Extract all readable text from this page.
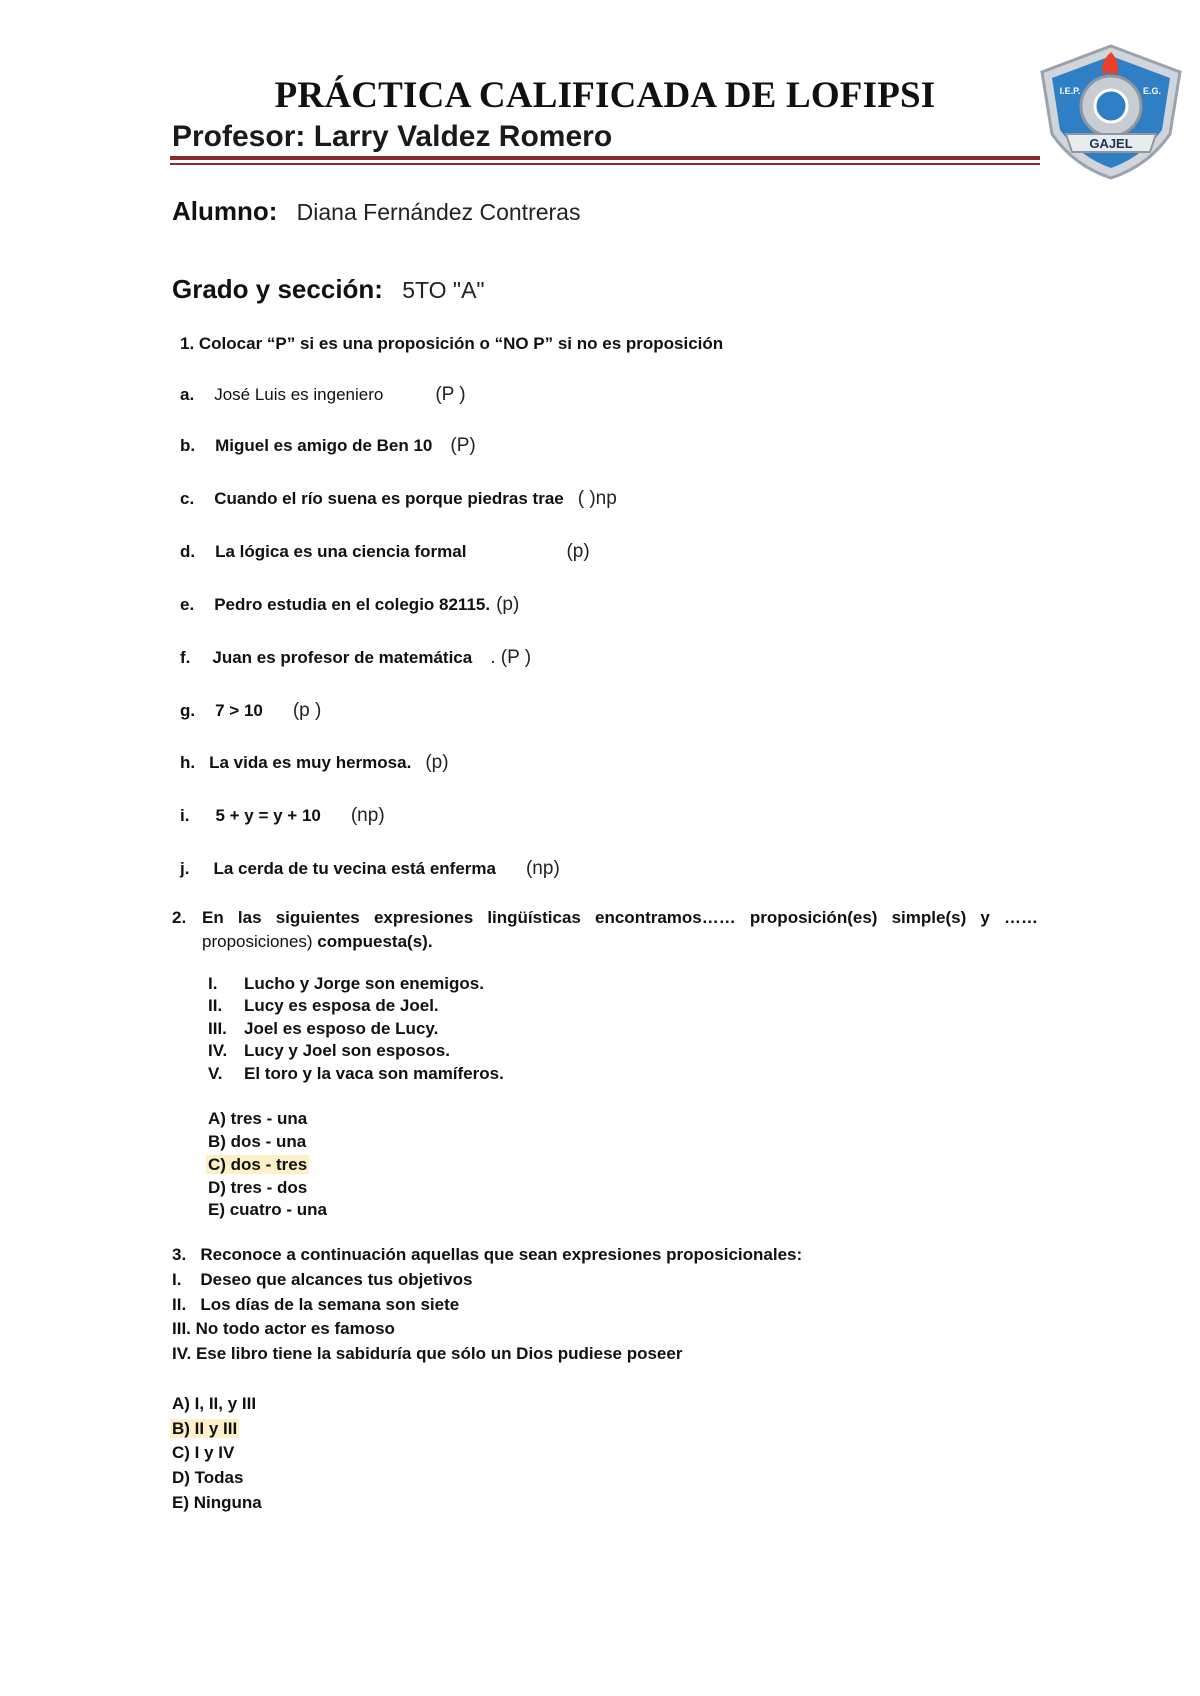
PRÁCTICA CALIFICADA DE LOFIPSI
Profesor: Larry Valdez Romero	GAJEL
I.E.P.	E.G.
Alumno: Diana Fernández Contreras
Grado y sección: 5TO "A"
1. Colocar “P” si es una proposición o “NO P” si no es proposición
a. José Luis es ingeniero	(P )
b. Miguel es amigo de Ben 10 (P)
c. Cuando el río suena es porque piedras trae ( )np
d. La lógica es una ciencia formal	(p)
e. Pedro estudia en el colegio 82115. (p)
f. Juan es profesor de matemática . (P )
g. 7 > 10 (p )
h. La vida es muy hermosa. (p)
i. 5 + y = y + 10 (np)
j. La cerda de tu vecina está enferma (np)
2. En las siguientes expresiones lingüísticas encontramos…… proposición(es) simple(s) y ……
proposiciones) compuesta(s).
I. Lucho y Jorge son enemigos.
II. Lucy es esposa de Joel.
III. Joel es esposo de Lucy.
IV. Lucy y Joel son esposos.
V. El toro y la vaca son mamíferos.
A) tres - una
B) dos - una
C) dos - tres
D) tres - dos
E) cuatro - una
3.   Reconoce a continuación aquellas que sean expresiones proposicionales:
I.    Deseo que alcances tus objetivos
II.   Los días de la semana son siete
III. No todo actor es famoso
IV. Ese libro tiene la sabiduría que sólo un Dios pudiese poseer
A) I, II, y III
B) II y III
C) I y IV
D) Todas
E) Ninguna
